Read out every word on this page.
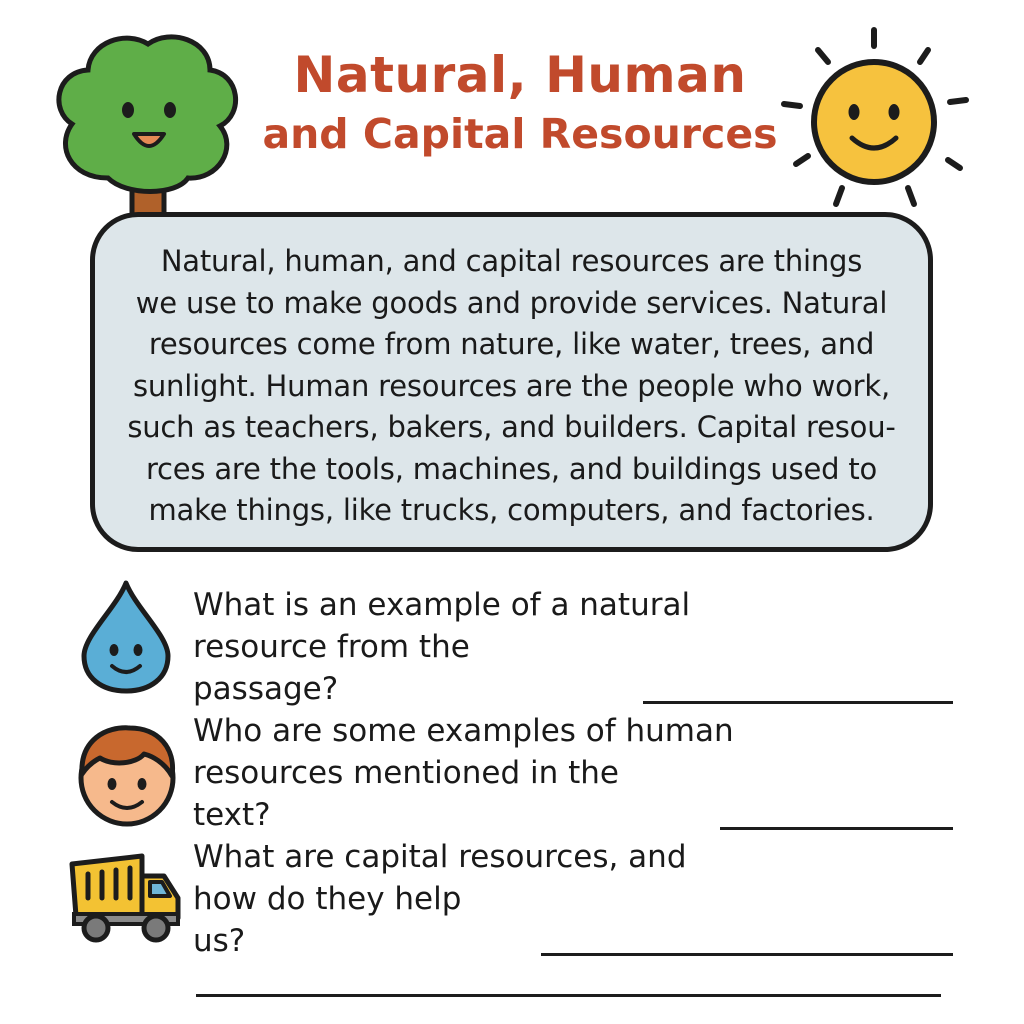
Natural, Human
and Capital Resources

Natural, human, and capital resources are things

we use to make goods and provide services. Natural

resources come from nature, like water, trees, and

sunlight. Human resources are the people who work,

such as teachers, bakers, and builders. Capital resou-

rces are the tools, machines, and buildings used to

make things, like trucks, computers, and factories.

What is an example of a natural
resource from the passage?
Who are some examples of human
resources mentioned in the text?
What are capital resources, and
how do they help us?
